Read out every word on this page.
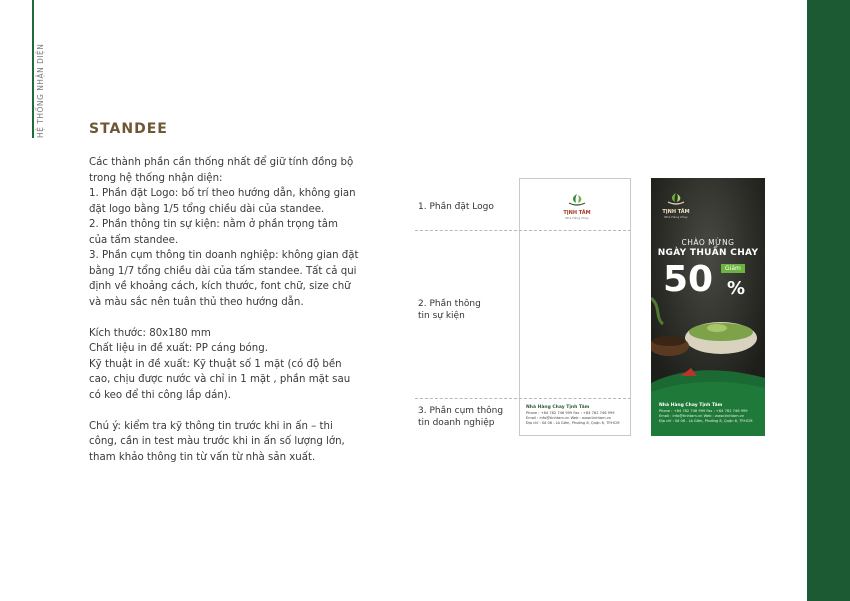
HỆ THỐNG NHẬN DIỆN	STANDEE

Các thành phần cần thống nhất để giữ tính đồng bộ trong hệ thống nhận diện:

1. Phần đặt Logo: bố trí theo hướng dẫn, không gian đặt logo bằng 1/5 tổng chiều dài của standee.

2. Phần thông tin sự kiện: nằm ở phần trọng tâm của tấm standee.

3. Phần cụm thông tin doanh nghiệp: không gian đặt bằng 1/7 tổng chiều dài của tấm standee. Tất cả qui định về khoảng cách, kích thước, font chữ, size chữ và màu sắc nên tuân thủ theo hướng dẫn.

Kích thước: 80x180 mm

Chất liệu in đề xuất: PP cáng bóng.

Kỹ thuật in đề xuất: Kỹ thuật số 1 mặt (có độ bền cao, chịu được nước và chỉ in 1 mặt , phần mặt sau có keo để thi công lắp dán).

Chú ý: kiểm tra kỹ thông tin trước khi in ấn – thi công, cần in test màu trước khi in ấn số lượng lớn, tham khảo thông tin từ vấn từ nhà sản xuất.

1. Phần đặt Logo
2. Phần thông
tin sự kiện
3. Phần cụm thông
tin doanh nghiệp
TỊNH TÂM
Nhà Hàng Chay
Nhà Hàng Chay Tịnh Tâm
Phone : +84 782 746 999 Fax : +84 782 746 999
Email : info@tinhtam.vn Web : www.tinhtam.vn
Địa chỉ : Số 06 - Lò Gốm, Phường 8, Quận 6, TP.HCM
TỊNH TÂM
Nhà Hàng Chay
CHÀO MỪNG
NGÀY THUẦN CHAY
50	Giảm
%
Nhà Hàng Chay Tịnh Tâm
Phone : +84 782 746 999 Fax : +84 782 746 999
Email : info@tinhtam.vn Web : www.tinhtam.vn
Địa chỉ : Số 06 - Lò Gốm, Phường 8, Quận 6, TP.HCM
